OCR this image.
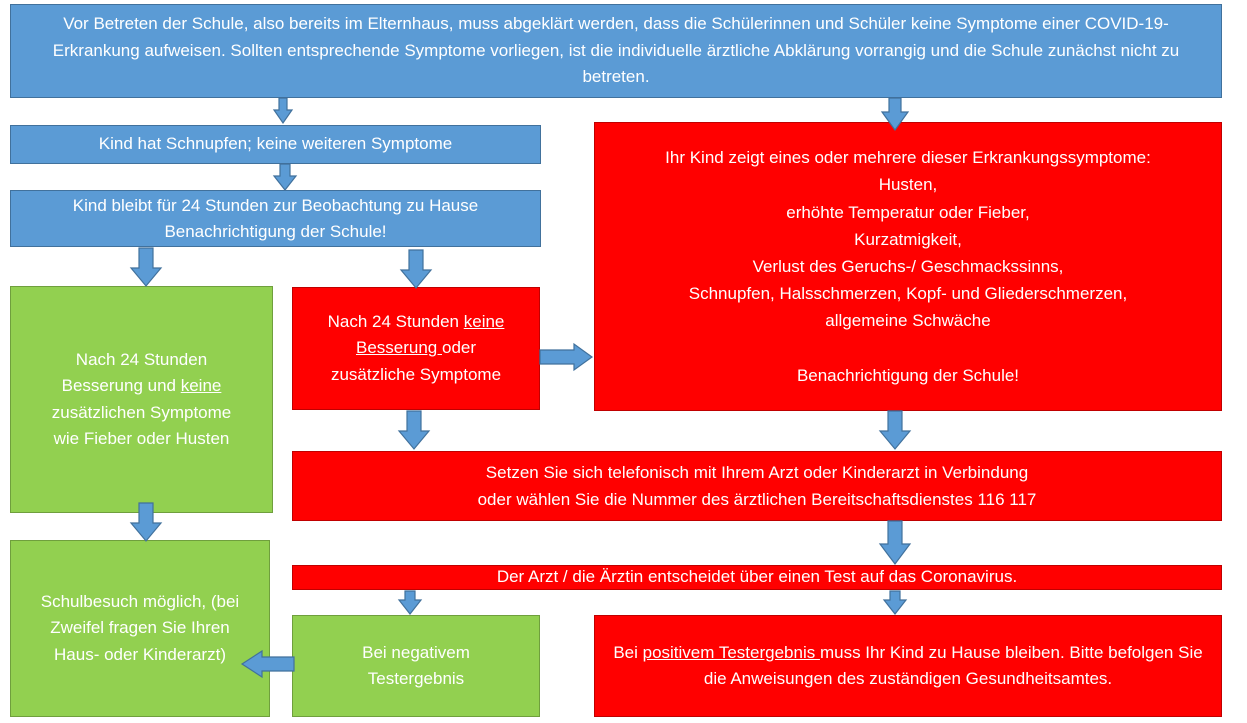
Vor Betreten der Schule, also bereits im Elternhaus, muss abgeklärt werden, dass die Schülerinnen und Schüler keine Symptome einer COVID-19-Erkrankung aufweisen. Sollten entsprechende Symptome vorliegen, ist die individuelle ärztliche Abklärung vorrangig und die Schule zunächst nicht zu betreten.
Kind hat Schnupfen; keine weiteren Symptome
Kind bleibt für 24 Stunden zur Beobachtung zu Hause
Benachrichtigung der Schule!
Ihr Kind zeigt eines oder mehrere dieser Erkrankungssymptome:
Husten,
erhöhte Temperatur oder Fieber,
Kurzatmigkeit,
Verlust des Geruchs-/ Geschmackssinns,
Schnupfen, Halsschmerzen, Kopf- und Gliederschmerzen,
allgemeine Schwäche

Benachrichtigung der Schule!
Nach 24 Stunden Besserung und keine zusätzlichen Symptome wie Fieber oder Husten
Nach 24 Stunden keine Besserung oder zusätzliche Symptome
Setzen Sie sich telefonisch mit Ihrem Arzt oder Kinderarzt in Verbindung
oder wählen Sie die Nummer des ärztlichen Bereitschaftsdienstes 116 117
Der Arzt / die Ärztin entscheidet über einen Test auf das Coronavirus.
Schulbesuch möglich, (bei Zweifel fragen Sie Ihren Haus- oder Kinderarzt)	Bei negativem Testergebnis
Bei positivem Testergebnis muss Ihr Kind zu Hause bleiben. Bitte befolgen Sie die Anweisungen des zuständigen Gesundheitsamtes.
